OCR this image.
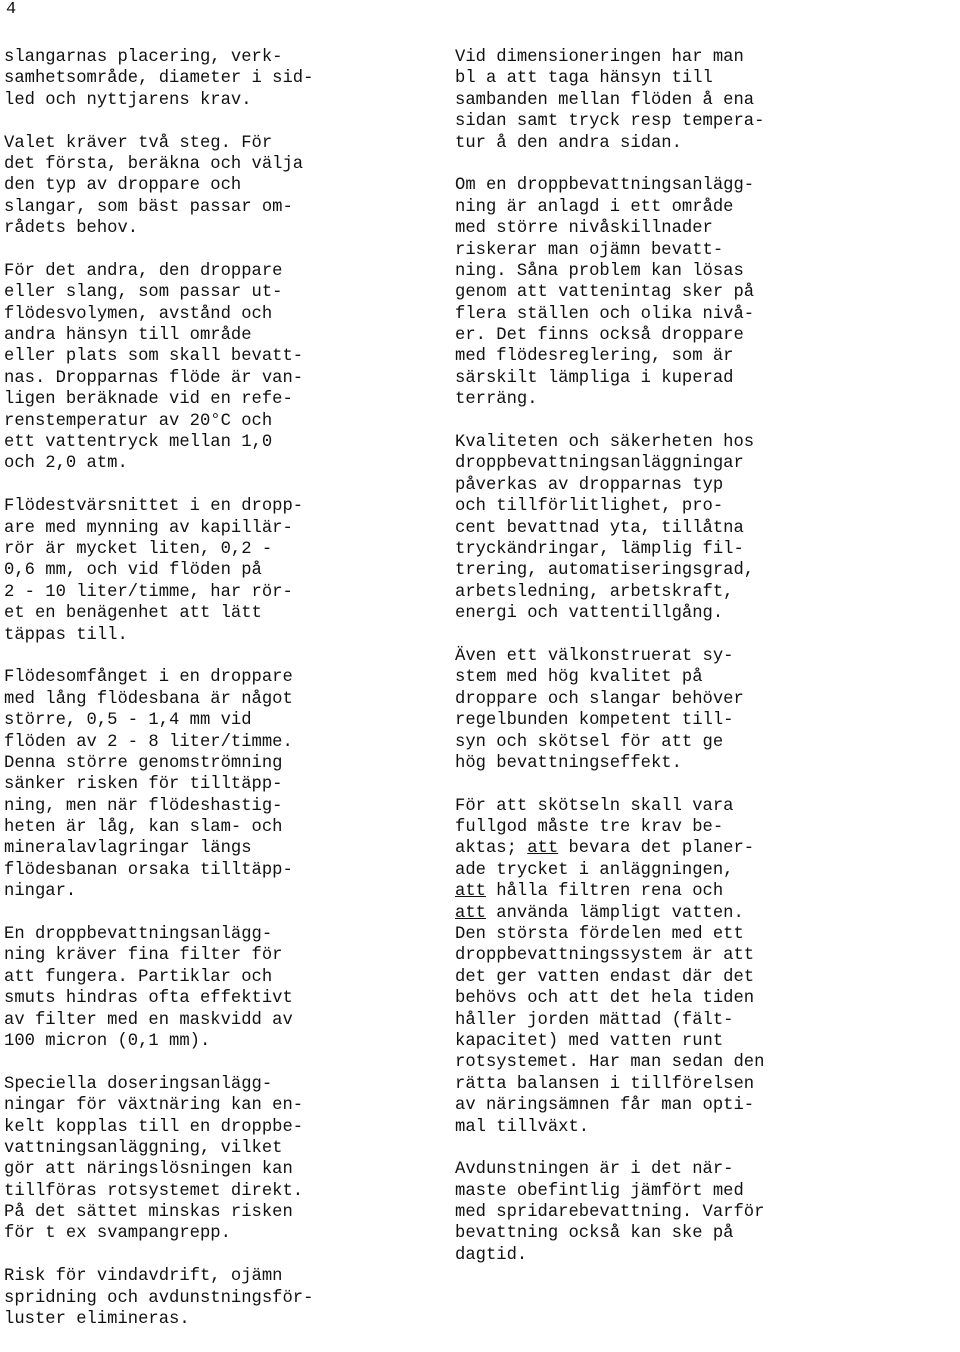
4
slangarnas placering, verk-
samhetsområde, diameter i sid-
led och nyttjarens krav.
Valet kräver två steg. För
det första, beräkna och välja
den typ av droppare och
slangar, som bäst passar om-
rådets behov.
För det andra, den droppare
eller slang, som passar ut-
flödesvolymen, avstånd och
andra hänsyn till område
eller plats som skall bevatt-
nas. Dropparnas flöde är van-
ligen beräknade vid en refe-
renstemperatur av 20°C och
ett vattentryck mellan 1,0
och 2,0 atm.
Flödestvärsnittet i en dropp-
are med mynning av kapillär-
rör är mycket liten, 0,2 -
0,6 mm, och vid flöden på
2 - 10 liter/timme, har rör-
et en benägenhet att lätt
täppas till.
Flödesomfånget i en droppare
med lång flödesbana är något
större, 0,5 - 1,4 mm vid
flöden av 2 - 8 liter/timme.
Denna större genomströmning
sänker risken för tilltäpp-
ning, men när flödeshastig-
heten är låg, kan slam- och
mineralavlagringar längs
flödesbanan orsaka tilltäpp-
ningar.
En droppbevattningsanlägg-
ning kräver fina filter för
att fungera. Partiklar och
smuts hindras ofta effektivt
av filter med en maskvidd av
100 micron (0,1 mm).
Speciella doseringsanlägg-
ningar för växtnäring kan en-
kelt kopplas till en droppbe-
vattningsanläggning, vilket
gör att näringslösningen kan
tillföras rotsystemet direkt.
På det sättet minskas risken
för t ex svampangrepp.
Risk för vindavdrift, ojämn
spridning och avdunstningsför-
luster elimineras.
Vid dimensioneringen har man
bl a att taga hänsyn till
sambanden mellan flöden å ena
sidan samt tryck resp tempera-
tur å den andra sidan.
Om en droppbevattningsanlägg-
ning är anlagd i ett område
med större nivåskillnader
riskerar man ojämn bevatt-
ning. Såna problem kan lösas
genom att vattenintag sker på
flera ställen och olika nivå-
er. Det finns också droppare
med flödesreglering, som är
särskilt lämpliga i kuperad
terräng.
Kvaliteten och säkerheten hos
droppbevattningsanläggningar
påverkas av dropparnas typ
och tillförlitlighet, pro-
cent bevattnad yta, tillåtna
tryckändringar, lämplig fil-
trering, automatiseringsgrad,
arbetsledning, arbetskraft,
energi och vattentillgång.
Även ett välkonstruerat sy-
stem med hög kvalitet på
droppare och slangar behöver
regelbunden kompetent till-
syn och skötsel för att ge
hög bevattningseffekt.
För att skötseln skall vara
fullgod måste tre krav be-
aktas; att bevara det planer-
ade trycket i anläggningen,
att hålla filtren rena och
att använda lämpligt vatten.
Den största fördelen med ett
droppbevattningssystem är att
det ger vatten endast där det
behövs och att det hela tiden
håller jorden mättad (fält-
kapacitet) med vatten runt
rotsystemet. Har man sedan den
rätta balansen i tillförelsen
av näringsämnen får man opti-
mal tillväxt.
Avdunstningen är i det när-
maste obefintlig jämfört med
med spridarebevattning. Varför
bevattning också kan ske på
dagtid.
